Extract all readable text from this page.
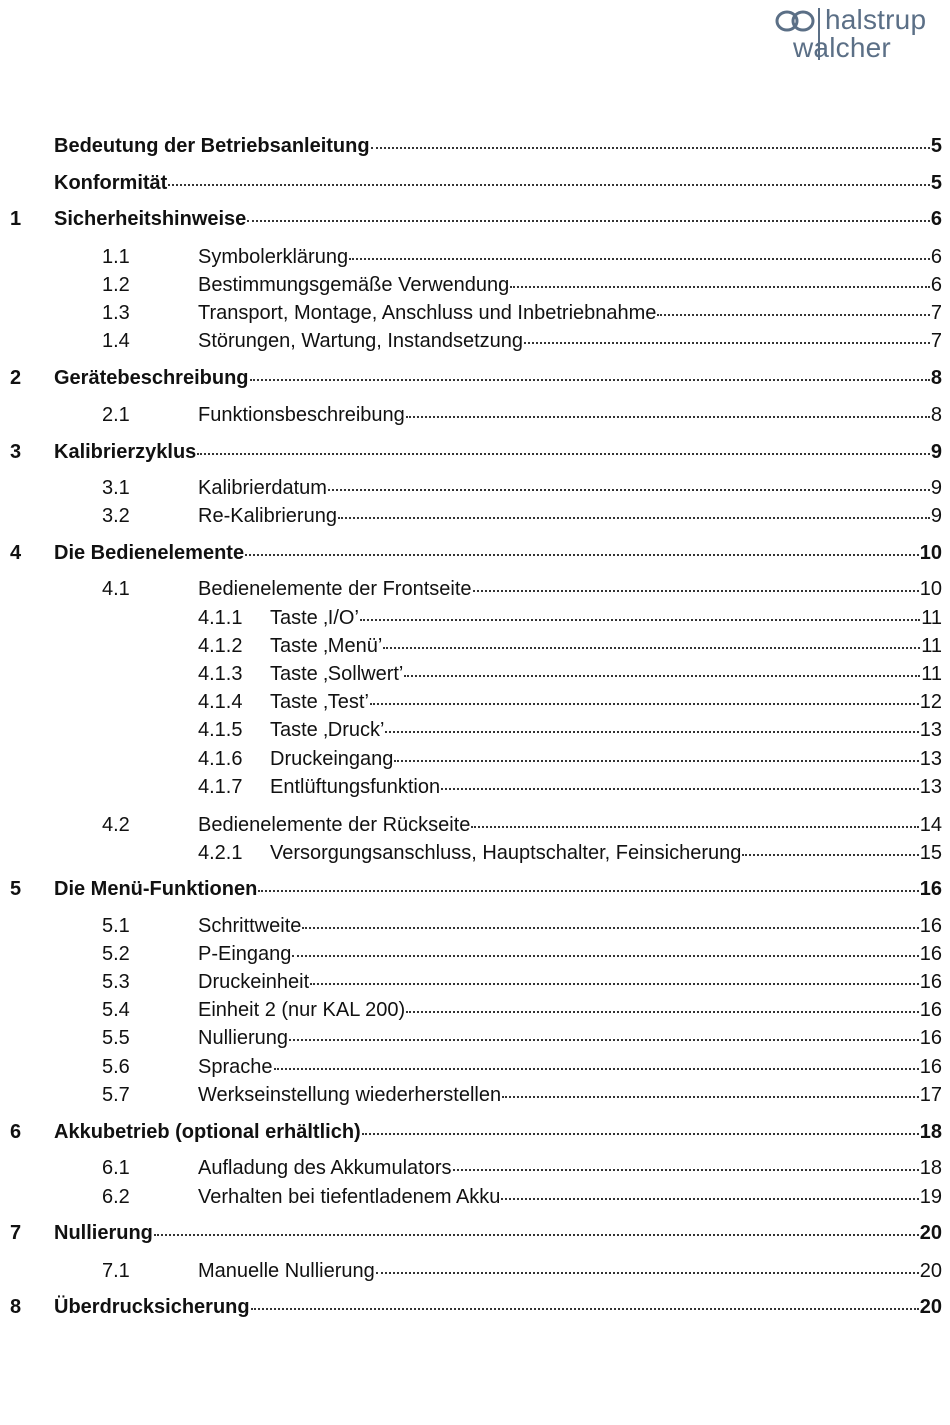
halstrup
walcher
Bedeutung der Betriebsanleitung	5
Konformität	5
1	Sicherheitshinweise	6
1.1	Symbolerklärung	6
1.2	Bestimmungsgemäße Verwendung	6
1.3	Transport, Montage, Anschluss und Inbetriebnahme	7
1.4	Störungen, Wartung, Instandsetzung	7
2	Gerätebeschreibung	8
2.1	Funktionsbeschreibung	8
3	Kalibrierzyklus	9
3.1	Kalibrierdatum	9
3.2	Re-Kalibrierung	9
4	Die Bedienelemente	10
4.1	Bedienelemente der Frontseite	10
4.1.1	Taste ‚I/O’	11
4.1.2	Taste ‚Menü’	11
4.1.3	Taste ‚Sollwert’	11
4.1.4	Taste ‚Test’	12
4.1.5	Taste ‚Druck’	13
4.1.6	Druckeingang	13
4.1.7	Entlüftungsfunktion	13
4.2	Bedienelemente der Rückseite	14
4.2.1	Versorgungsanschluss, Hauptschalter, Feinsicherung	15
5	Die Menü-Funktionen	16
5.1	Schrittweite	16
5.2	P-Eingang	16
5.3	Druckeinheit	16
5.4	Einheit 2 (nur KAL 200)	16
5.5	Nullierung	16
5.6	Sprache	16
5.7	Werkseinstellung wiederherstellen	17
6	Akkubetrieb (optional erhältlich)	18
6.1	Aufladung des Akkumulators	18
6.2	Verhalten bei tiefentladenem Akku	19
7	Nullierung	20
7.1	Manuelle Nullierung	20
8	Überdrucksicherung	20
